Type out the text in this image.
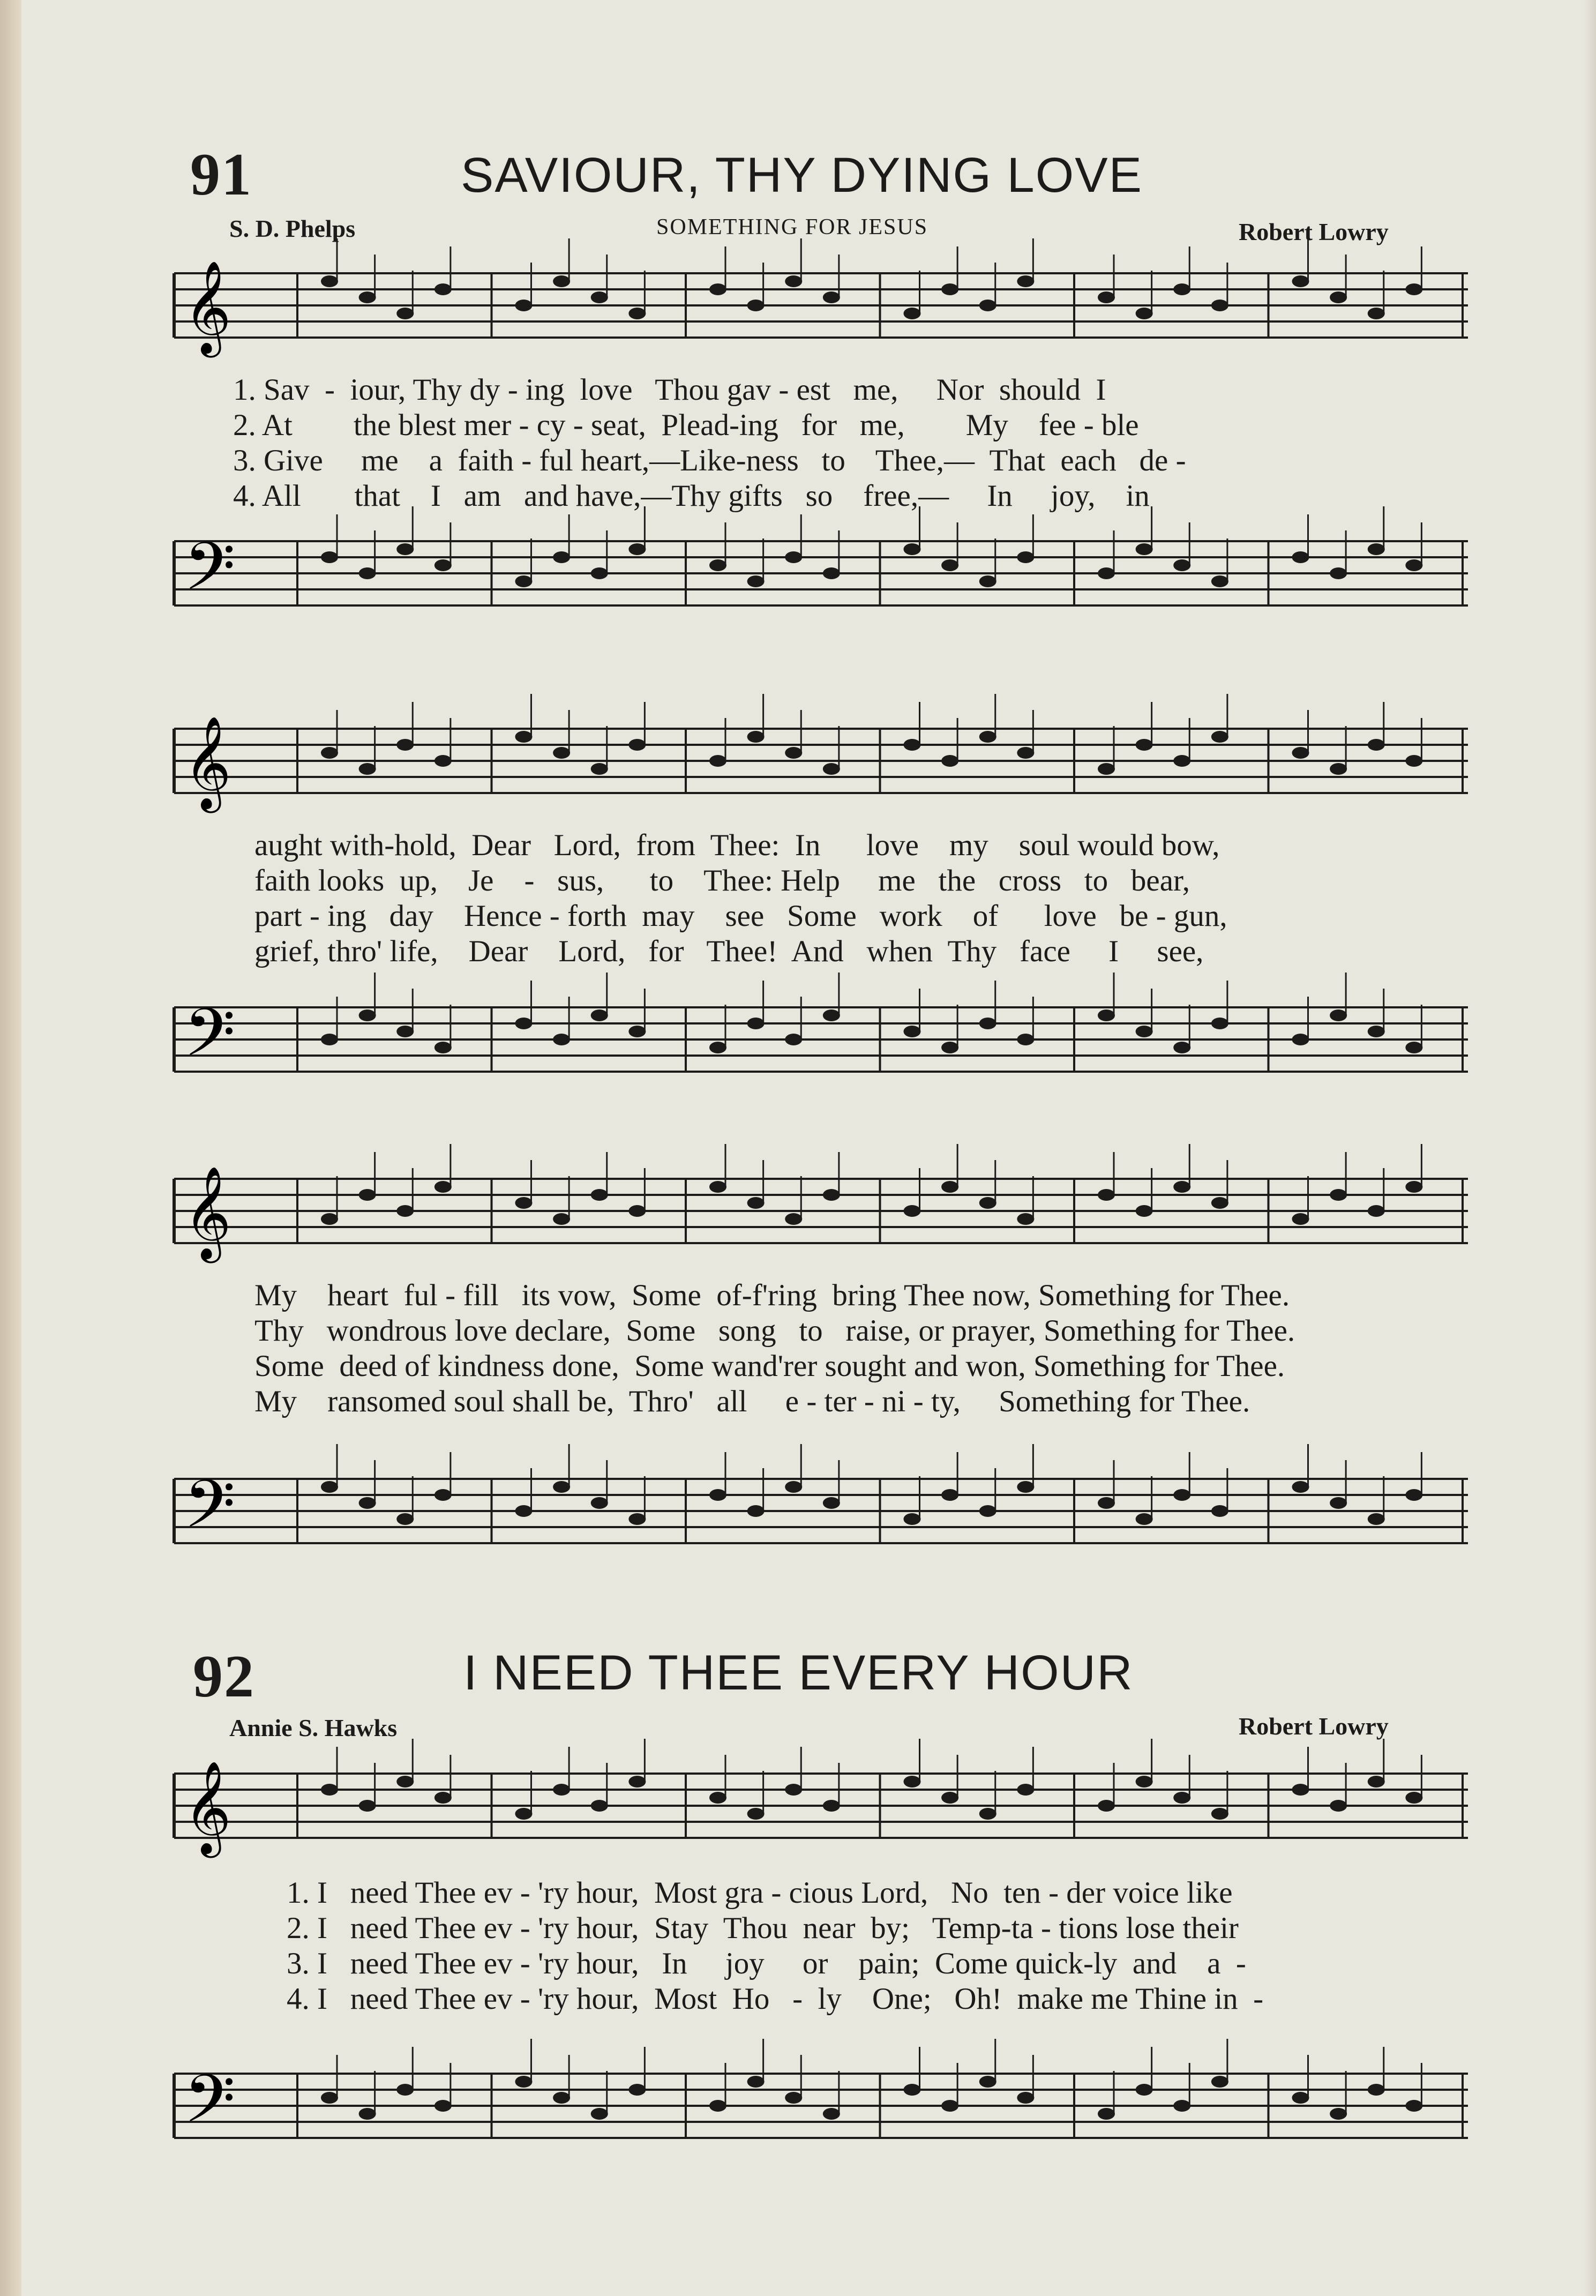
91	SAVIOUR, THY DYING LOVE
S. D. Phelps	SOMETHING FOR JESUS	Robert Lowry
𝄞
𝄢
1. Sav  -  iour, Thy dy - ing  love   Thou gav - est   me,     Nor  should  I
2. At        the blest mer - cy - seat,  Plead-ing   for   me,        My    fee - ble
3. Give     me    a  faith - ful heart,—Like-ness   to    Thee,—  That  each   de -
4. All       that    I   am   and have,—Thy gifts   so    free,—     In     joy,    in
𝄞
𝄢
aught with-hold,  Dear   Lord,  from  Thee:  In      love    my    soul would bow,
faith looks  up,    Je    -   sus,      to    Thee: Help     me   the   cross   to   bear,
part - ing   day    Hence - forth  may    see   Some   work    of      love   be - gun,
grief, thro' life,    Dear    Lord,   for   Thee!  And   when  Thy   face     I     see,
𝄞
𝄢
My    heart  ful - fill   its vow,  Some  of-f'ring  bring Thee now, Something for Thee.
Thy   wondrous love declare,  Some   song   to   raise, or prayer, Something for Thee.
Some  deed of kindness done,  Some wand'rer sought and won, Something for Thee.
My    ransomed soul shall be,  Thro'   all     e - ter - ni - ty,     Something for Thee.
92	I NEED THEE EVERY HOUR
Annie S. Hawks	Robert Lowry
𝄞
𝄢
1. I   need Thee ev - 'ry hour,  Most gra - cious Lord,   No  ten - der voice like
2. I   need Thee ev - 'ry hour,  Stay  Thou  near  by;   Temp-ta - tions lose their
3. I   need Thee ev - 'ry hour,   In     joy     or    pain;  Come quick-ly  and    a  -
4. I   need Thee ev - 'ry hour,  Most  Ho   -  ly    One;   Oh!  make me Thine in  -
